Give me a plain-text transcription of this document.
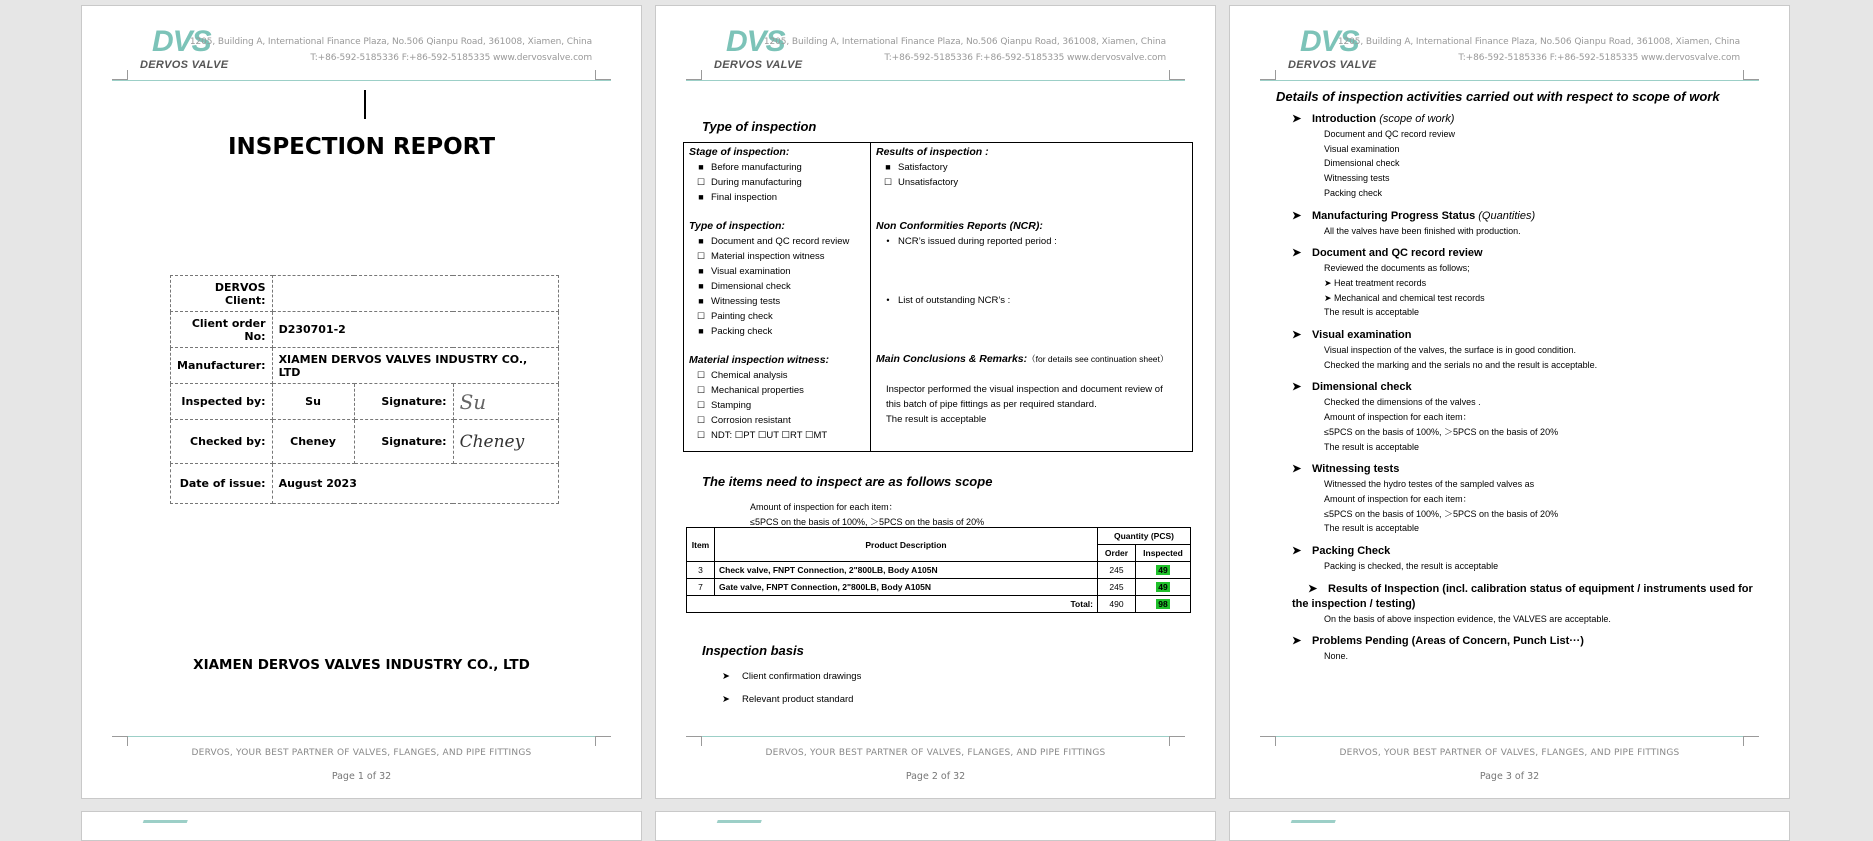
DVS
DERVOS VALVE
1205, Building A, International Finance Plaza, No.506 Qianpu Road, 361008, Xiamen, China
T:+86-592-5185336 F:+86-592-5185335 www.dervosvalve.com
INSPECTION REPORT
DERVOS Client:			
Client order No:	D230701-2		
Manufacturer:	XIAMEN DERVOS VALVES INDUSTRY CO., LTD		
Inspected by:	Su	Signature:	Su
Checked by:	Cheney	Signature:	Cheney
Date of issue:	August 2023		
XIAMEN DERVOS VALVES INDUSTRY CO., LTD
DERVOS, YOUR BEST PARTNER OF VALVES, FLANGES, AND PIPE FITTINGS
Page 1 of 32
DVS
DERVOS VALVE
1205, Building A, International Finance Plaza, No.506 Qianpu Road, 361008, Xiamen, China
T:+86-592-5185336 F:+86-592-5185335 www.dervosvalve.com
Type of inspection
Stage of inspection:
■ Before manufacturing
☐ During manufacturing
■ Final inspection
Type of inspection:
■ Document and QC record review
☐ Material inspection witness
■ Visual examination
■ Dimensional check
■ Witnessing tests
☐ Painting check
■ Packing check
Material inspection witness:
☐ Chemical analysis
☐ Mechanical properties
☐ Stamping
☐ Corrosion resistant
☐ NDT: ☐PT ☐UT ☐RT ☐MT
Results of inspection :
■ Satisfactory
☐ Unsatisfactory
Non Conformities Reports (NCR):
• NCR’s issued during reported period :
• List of outstanding NCR’s :
Main Conclusions & Remarks:（for details see continuation sheet）
Inspector performed the visual inspection and document review of
this batch of pipe fittings as per required standard.
The result is acceptable
The items need to inspect are as follows scope
Amount of inspection for each item：
≤5PCS on the basis of 100%, ＞5PCS on the basis of 20%
Item	Product Description	Quantity (PCS)	
		Order	Inspected
3	Check valve, FNPT Connection, 2"800LB, Body A105N	245	49
7	Gate valve, FNPT Connection, 2"800LB, Body A105N	245	49
Total:		490	98
Inspection basis
➤ Client confirmation drawings
➤ Relevant product standard
DERVOS, YOUR BEST PARTNER OF VALVES, FLANGES, AND PIPE FITTINGS
Page 2 of 32
DVS
DERVOS VALVE
1205, Building A, International Finance Plaza, No.506 Qianpu Road, 361008, Xiamen, China
T:+86-592-5185336 F:+86-592-5185335 www.dervosvalve.com
Details of inspection activities carried out with respect to scope of work
➤ Introduction (scope of work)
Document and QC record review
Visual examination
Dimensional check
Witnessing tests
Packing check
➤ Manufacturing Progress Status (Quantities)
All the valves have been finished with production.
➤ Document and QC record review
Reviewed the documents as follows;
➤ Heat treatment records
➤ Mechanical and chemical test records
The result is acceptable
➤ Visual examination
Visual inspection of the valves, the surface is in good condition.
Checked the marking and the serials no and the result is acceptable.
➤ Dimensional check
Checked the dimensions of the valves .
Amount of inspection for each item：
≤5PCS on the basis of 100%, ＞5PCS on the basis of 20%
The result is acceptable
➤ Witnessing tests
Witnessed the hydro testes of the sampled valves as
Amount of inspection for each item：
≤5PCS on the basis of 100%, ＞5PCS on the basis of 20%
The result is acceptable
➤ Packing Check
Packing is checked, the result is acceptable
➤ Results of Inspection (incl. calibration status of equipment / instruments used for the inspection / testing)
On the basis of above inspection evidence, the VALVES are acceptable.
➤ Problems Pending (Areas of Concern, Punch List···)
None.
DERVOS, YOUR BEST PARTNER OF VALVES, FLANGES, AND PIPE FITTINGS
Page 3 of 32
